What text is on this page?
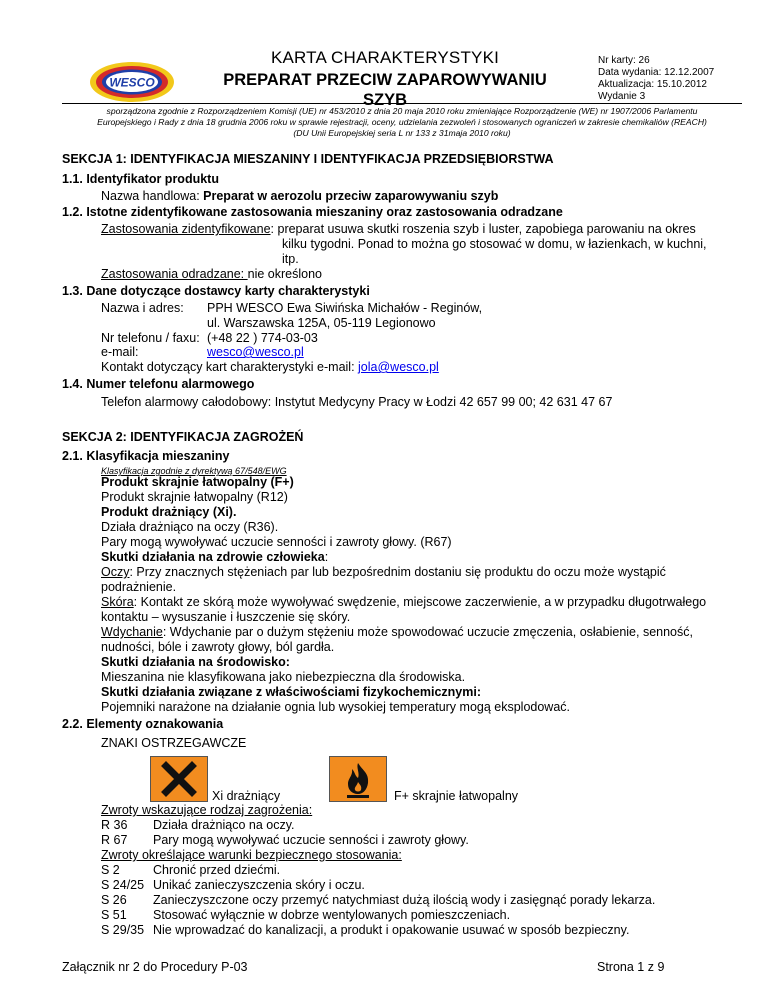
WESCO
KARTA CHARAKTERYSTYKI
PREPARAT PRZECIW ZAPAROWYWANIU
SZYB
Nr karty: 26
Data wydania: 12.12.2007
Aktualizacja: 15.10.2012
Wydanie 3
sporządzona zgodnie z Rozporządzeniem Komisji (UE) nr 453/2010 z dnia 20 maja 2010 roku zmieniające Rozporządzenie (WE) nr 1907/2006 Parlamentu
Europejskiego i Rady z dnia 18 grudnia 2006 roku w sprawie rejestracji, oceny, udzielania zezwoleń i stosowanych ograniczeń w zakresie chemikaliów (REACH)
(DU Unii Europejskiej seria L nr 133 z 31maja 2010 roku)
SEKCJA 1: IDENTYFIKACJA MIESZANINY I IDENTYFIKACJA PRZEDSIĘBIORSTWA
1.1. Identyfikator produktu
Nazwa handlowa: Preparat w aerozolu przeciw zaparowywaniu szyb
1.2. Istotne zidentyfikowane zastosowania mieszaniny oraz zastosowania odradzane
Zastosowania zidentyfikowane: preparat usuwa skutki roszenia szyb i luster, zapobiega parowaniu na okres
kilku tygodni. Ponad to można go stosować w domu, w łazienkach, w kuchni,
itp.
Zastosowania odradzane: nie określono
1.3. Dane dotyczące dostawcy karty charakterystyki
Nazwa i adres: PPH WESCO Ewa Siwińska Michałów - Reginów,
ul. Warszawska 125A, 05-119 Legionowo
Nr telefonu / faxu: (+48 22 ) 774-03-03
e-mail:	wesco@wesco.pl
Kontakt dotyczący kart charakterystyki e-mail: jola@wesco.pl
1.4. Numer telefonu alarmowego
Telefon alarmowy całodobowy: Instytut Medycyny Pracy w Łodzi 42 657 99 00; 42 631 47 67
SEKCJA 2: IDENTYFIKACJA ZAGROŻEŃ
2.1. Klasyfikacja mieszaniny
Klasyfikacja zgodnie z dyrektywą 67/548/EWG
Produkt skrajnie łatwopalny (F+)
Produkt skrajnie łatwopalny (R12)
Produkt drażniący (Xi).
Działa drażniąco na oczy (R36).
Pary mogą wywoływać uczucie senności i zawroty głowy. (R67)
Skutki działania na zdrowie człowieka:
Oczy: Przy znacznych stężeniach par lub bezpośrednim dostaniu się produktu do oczu może wystąpić
podrażnienie.
Skóra: Kontakt ze skórą może wywoływać swędzenie, miejscowe zaczerwienie, a w przypadku długotrwałego
kontaktu – wysuszanie i łuszczenie się skóry.
Wdychanie: Wdychanie par o dużym stężeniu może spowodować uczucie zmęczenia, osłabienie, senność,
nudności, bóle i zawroty głowy, ból gardła.
Skutki działania na środowisko:
Mieszanina nie klasyfikowana jako niebezpieczna dla środowiska.
Skutki działania związane z właściwościami fizykochemicznymi:
Pojemniki narażone na działanie ognia lub wysokiej temperatury mogą eksplodować.
2.2. Elementy oznakowania
ZNAKI OSTRZEGAWCZE
Xi drażniący	F+ skrajnie łatwopalny
Zwroty wskazujące rodzaj zagrożenia:
R 36 Działa drażniąco na oczy.
R 67 Pary mogą wywoływać uczucie senności i zawroty głowy.
Zwroty określające warunki bezpiecznego stosowania:
S 2	Chronić przed dziećmi.
S 24/25 Unikać zanieczyszczenia skóry i oczu.
S 26 Zanieczyszczone oczy przemyć natychmiast dużą ilością wody i zasięgnąć porady lekarza.
S 51 Stosować wyłącznie w dobrze wentylowanych pomieszczeniach.
S 29/35 Nie wprowadzać do kanalizacji, a produkt i opakowanie usuwać w sposób bezpieczny.
Załącznik nr 2 do Procedury P-03	Strona 1 z 9
